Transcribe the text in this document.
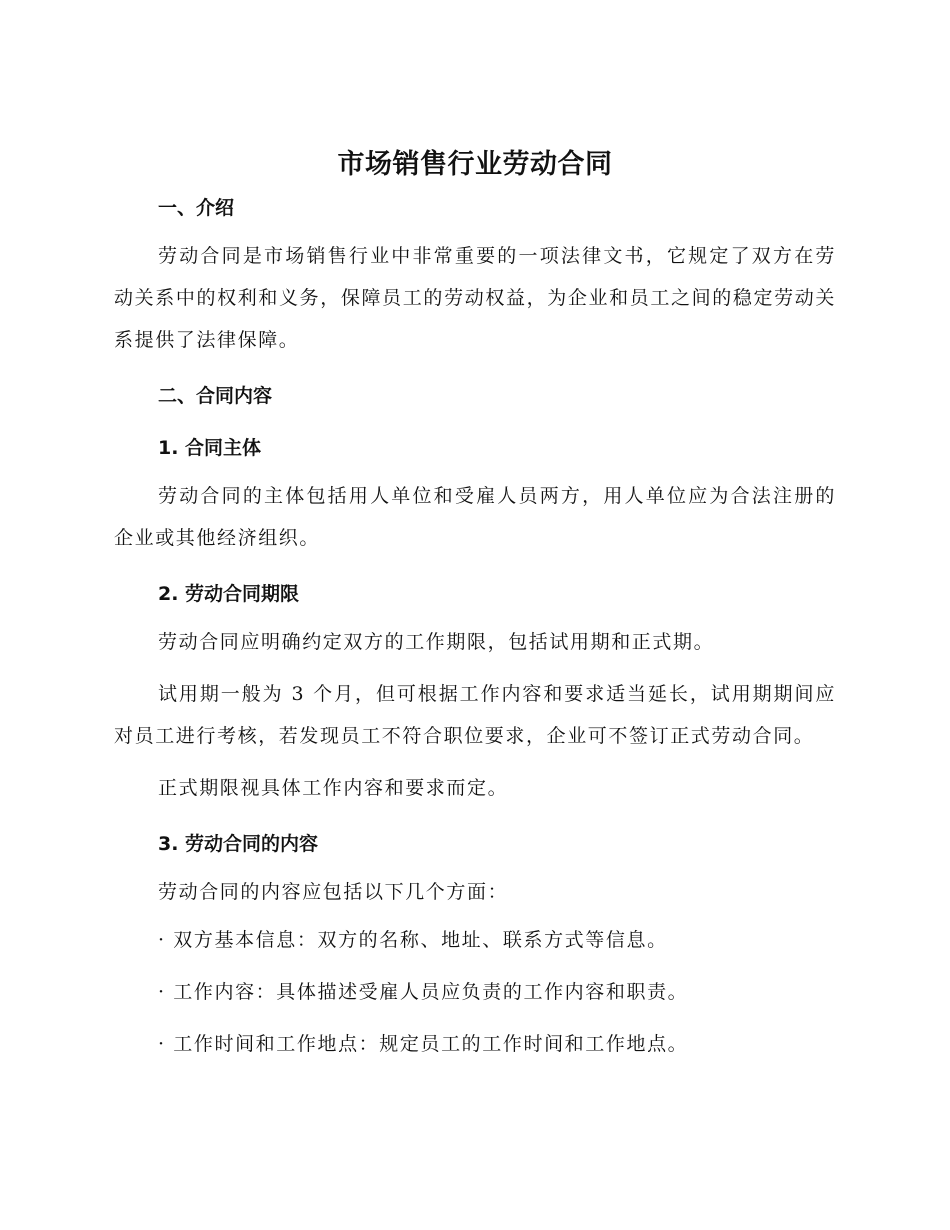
市场销售行业劳动合同

一、介绍

劳动合同是市场销售行业中非常重要的一项法律文书，它规定了双方在劳动关系中的权利和义务，保障员工的劳动权益，为企业和员工之间的稳定劳动关系提供了法律保障。

二、合同内容

1. 合同主体

劳动合同的主体包括用人单位和受雇人员两方，用人单位应为合法注册的企业或其他经济组织。

2. 劳动合同期限

劳动合同应明确约定双方的工作期限，包括试用期和正式期。

试用期一般为 3 个月，但可根据工作内容和要求适当延长，试用期期间应对员工进行考核，若发现员工不符合职位要求，企业可不签订正式劳动合同。

正式期限视具体工作内容和要求而定。

3. 劳动合同的内容

劳动合同的内容应包括以下几个方面：

· 双方基本信息：双方的名称、地址、联系方式等信息。

· 工作内容：具体描述受雇人员应负责的工作内容和职责。

· 工作时间和工作地点：规定员工的工作时间和工作地点。
